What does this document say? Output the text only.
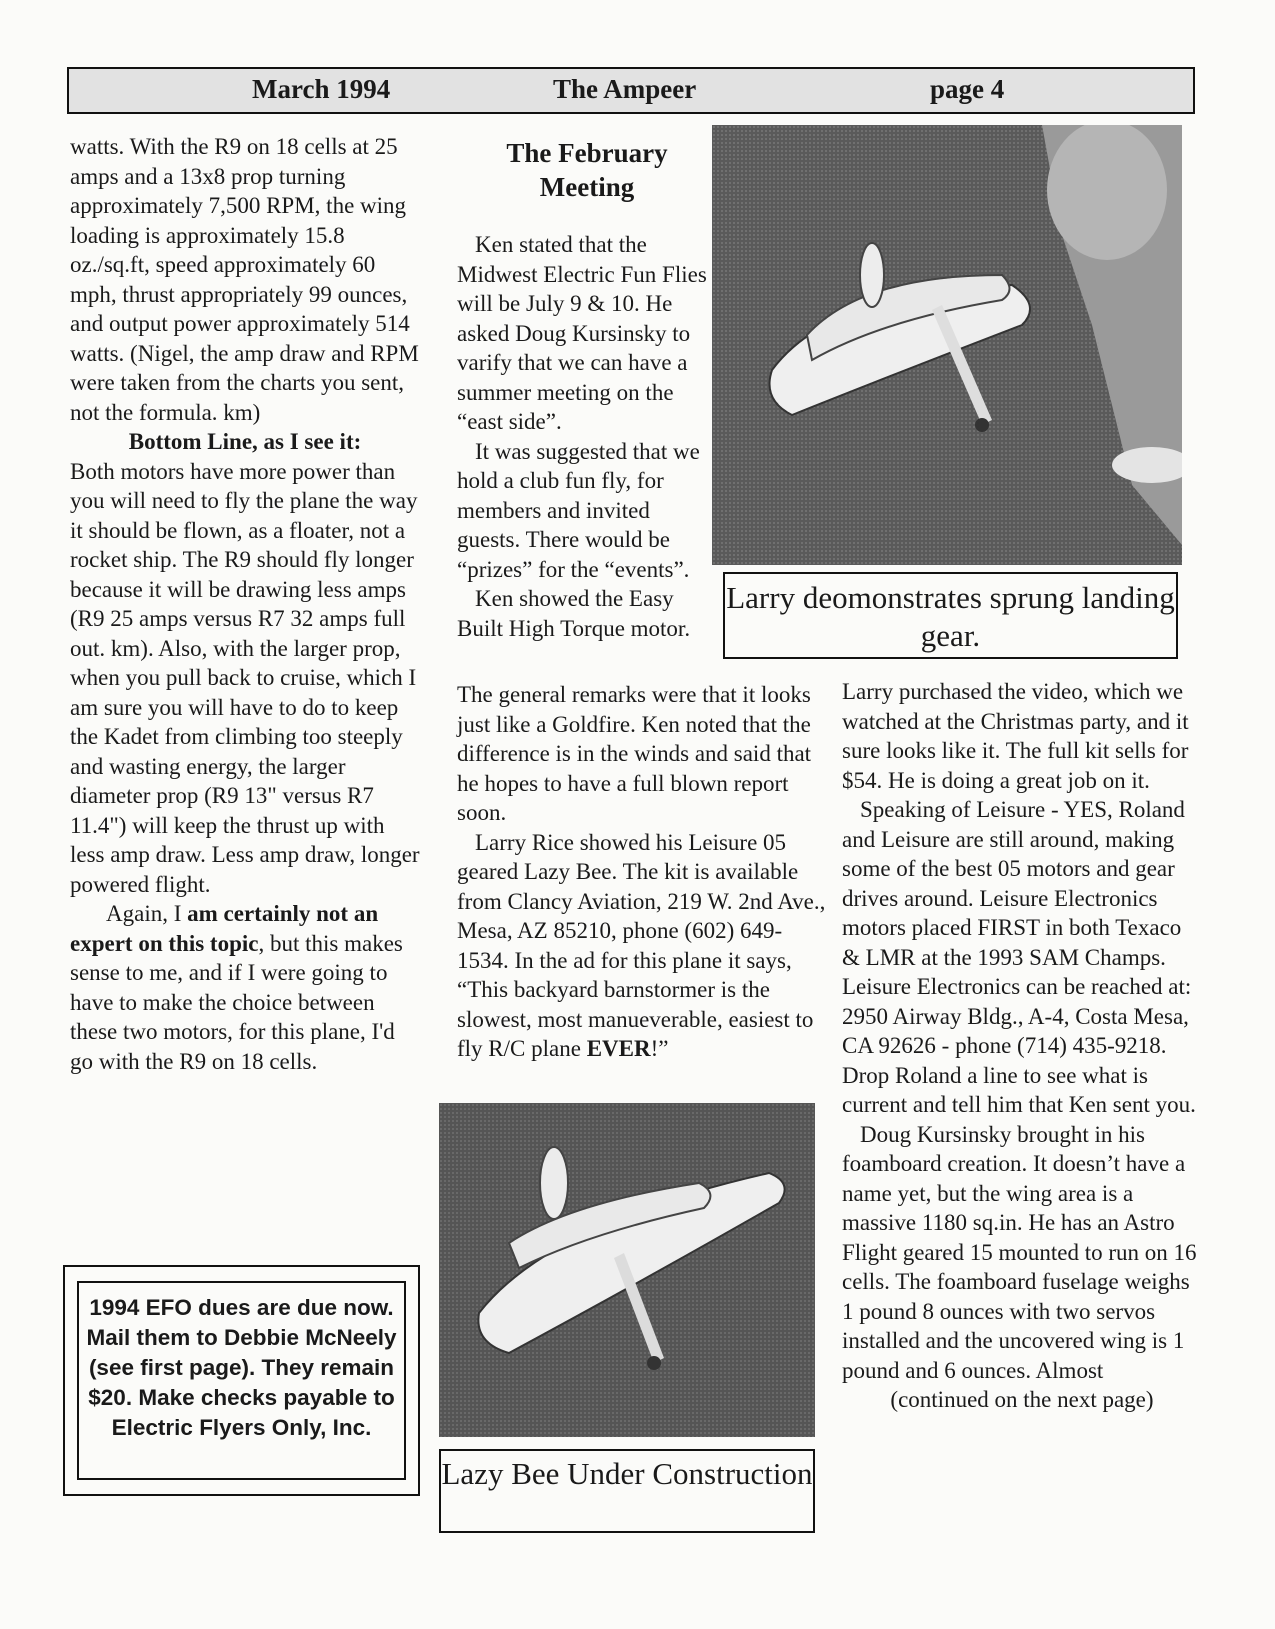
March 1994	The Ampeer	page 4

watts. With the R9 on 18 cells at 25 amps and a 13x8 prop turning approximately 7,500 RPM, the wing loading is approximately 15.8 oz./sq.ft, speed approximately 60 mph, thrust appropriately 99 ounces, and output power approximately 514 watts. (Nigel, the amp draw and RPM were taken from the charts you sent, not the formula. km)

Bottom Line, as I see it:

Both motors have more power than you will need to fly the plane the way it should be flown, as a floater, not a rocket ship. The R9 should fly longer because it will be drawing less amps (R9 25 amps versus R7 32 amps full out. km). Also, with the larger prop, when you pull back to cruise, which I am sure you will have to do to keep the Kadet from climbing too steeply and wasting energy, the larger diameter prop (R9 13" versus R7 11.4") will keep the thrust up with less amp draw. Less amp draw, longer powered flight.

Again, I am certainly not an expert on this topic, but this makes sense to me, and if I were going to have to make the choice between these two motors, for this plane, I'd go with the R9 on 18 cells.

1994 EFO dues are due now. Mail them to Debbie McNeely (see first page). They remain $20. Make checks payable to Electric Flyers Only, Inc.
The February Meeting

Ken stated that the Midwest Electric Fun Flies will be July 9 & 10. He asked Doug Kursinsky to varify that we can have a summer meeting on the “east side”.

It was suggested that we hold a club fun fly, for members and invited guests. There would be “prizes” for the “events”.

Ken showed the Easy Built High Torque motor.

The general remarks were that it looks just like a Goldfire. Ken noted that the difference is in the winds and said that he hopes to have a full blown report soon.

Larry Rice showed his Leisure 05 geared Lazy Bee. The kit is available from Clancy Aviation, 219 W. 2nd Ave., Mesa, AZ 85210, phone (602) 649-1534. In the ad for this plane it says, “This backyard barnstormer is the slowest, most manueverable, easiest to fly R/C plane EVER!”

Larry deomonstrates sprung landing gear.
Lazy Bee Under Construction

Larry purchased the video, which we watched at the Christmas party, and it sure looks like it. The full kit sells for $54. He is doing a great job on it.

Speaking of Leisure - YES, Roland and Leisure are still around, making some of the best 05 motors and gear drives around. Leisure Electronics motors placed FIRST in both Texaco & LMR at the 1993 SAM Champs. Leisure Electronics can be reached at: 2950 Airway Bldg., A-4, Costa Mesa, CA 92626 - phone (714) 435-9218. Drop Roland a line to see what is current and tell him that Ken sent you.

Doug Kursinsky brought in his foamboard creation. It doesn’t have a name yet, but the wing area is a massive 1180 sq.in. He has an Astro Flight geared 15 mounted to run on 16 cells. The foamboard fuselage weighs 1 pound 8 ounces with two servos installed and the uncovered wing is 1 pound and 6 ounces. Almost

(continued on the next page)
